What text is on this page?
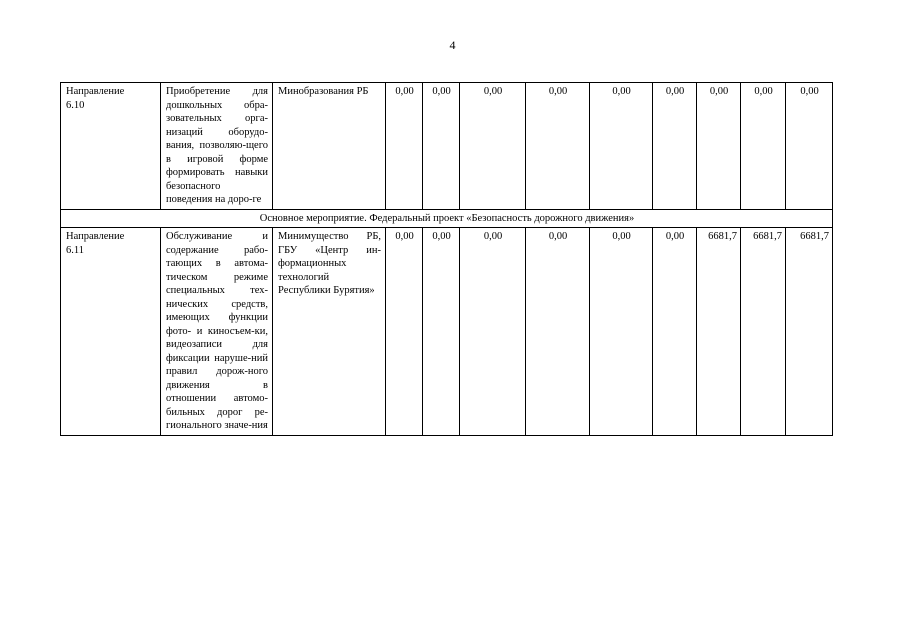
4
Направление
6.10	Приобретение для дошкольных обра-зовательных орга-низаций оборудо-вания, позволяю-щего в игровой форме формировать навыки безопасного поведения на доро-ге	Минобразования РБ	0,00	0,00	0,00	0,00	0,00	0,00	0,00	0,00	0,00
Основное мероприятие. Федеральный проект «Безопасность дорожного движения»											
Направление
6.11	Обслуживание и содержание рабо-тающих в автома-тическом режиме специальных тех-нических средств, имеющих функции фото- и киносъем-ки, видеозаписи для фиксации наруше-ний правил дорож-ного движения в отношении автомо-бильных дорог ре-гионального значе-ния	Минимущество РБ, ГБУ «Центр ин-формационных технологий Республики Бурятия»	0,00	0,00	0,00	0,00	0,00	0,00	6681,7	6681,7	6681,7
